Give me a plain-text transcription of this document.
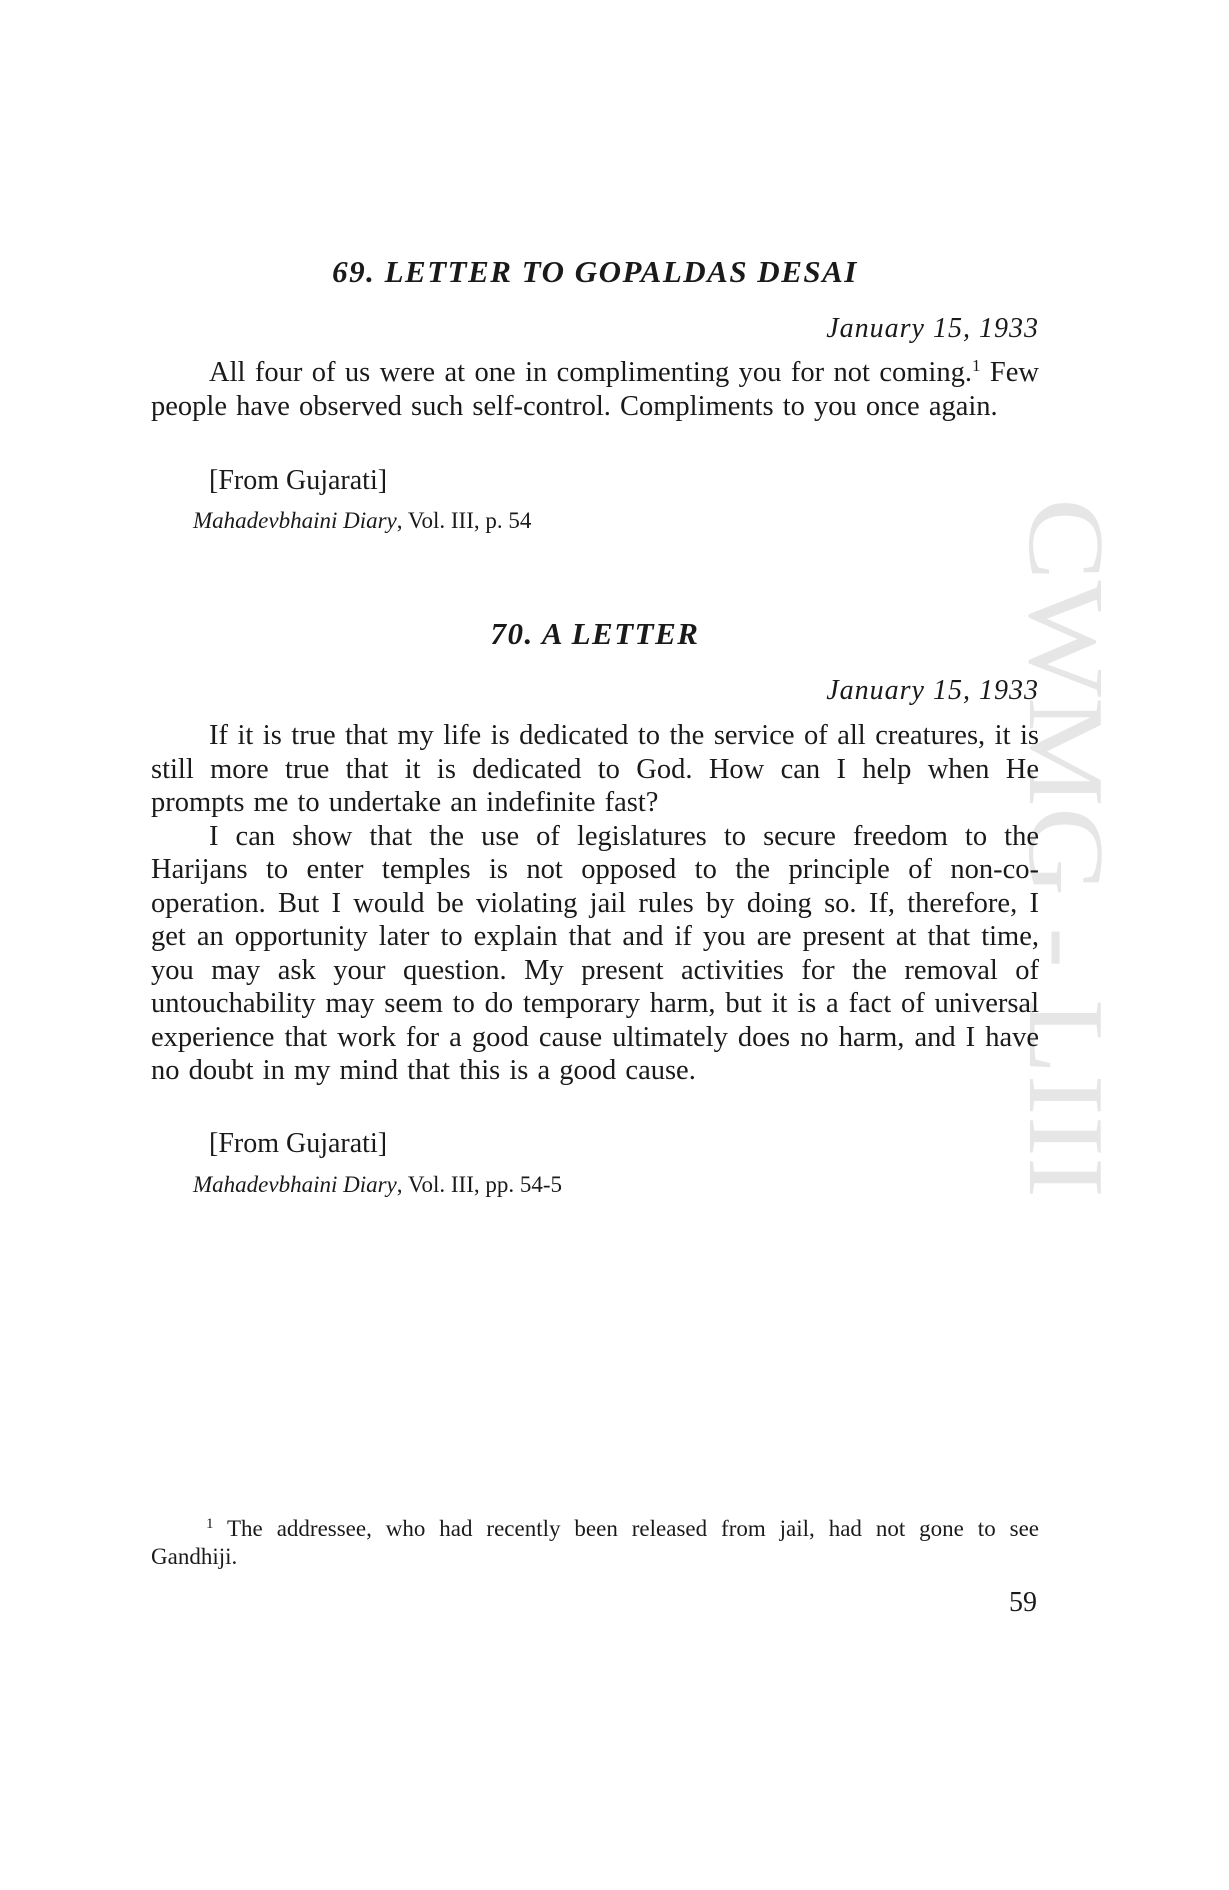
CWMG - LIII
69. LETTER TO GOPALDAS DESAI

January 15, 1933

All four of us were at one in complimenting you for not coming.$^1$ Few people have observed such self-control. Compliments to you once again.

[From Gujarati]

Mahadevbhaini Diary, Vol. III, p. 54

70. A LETTER

January 15, 1933

If it is true that my life is dedicated to the service of all creatures, it is still more true that it is dedicated to God. How can I help when He prompts me to undertake an indefinite fast?

I can show that the use of legislatures to secure freedom to the Harijans to enter temples is not opposed to the principle of non-co-operation. But I would be violating jail rules by doing so. If, therefore, I get an opportunity later to explain that and if you are present at that time, you may ask your question. My present activities for the removal of untouchability may seem to do temporary harm, but it is a fact of universal experience that work for a good cause ultimately does no harm, and I have no doubt in my mind that this is a good cause.

[From Gujarati]

Mahadevbhaini Diary, Vol. III, pp. 54-5

$^1$ The addressee, who had recently been released from jail, had not gone to see Gandhiji.

59
